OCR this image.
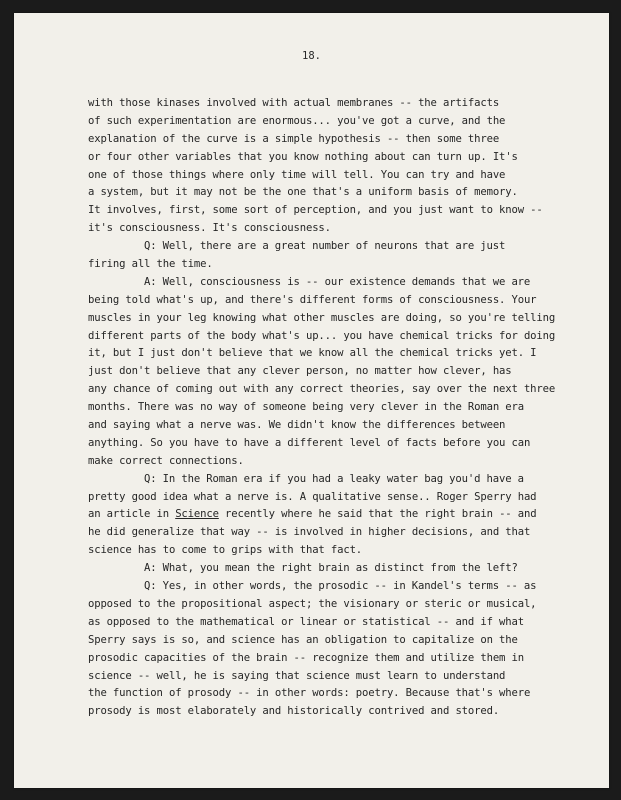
18.
with those kinases involved with actual membranes -- the artifacts
of such experimentation are enormous... you've got a curve, and the
explanation of the curve is a simple hypothesis -- then some three
or four other variables that you know nothing about can turn up. It's
one of those things where only time will tell. You can try and have
a system, but it may not be the one that's a uniform basis of memory.
It involves, first, some sort of perception, and you just want to know --
it's consciousness. It's consciousness.
Q: Well, there are a great number of neurons that are just
firing all the time.
A: Well, consciousness is -- our existence demands that we are
being told what's up, and there's different forms of consciousness. Your
muscles in your leg knowing what other muscles are doing, so you're telling
different parts of the body what's up... you have chemical tricks for doing
it, but I just don't believe that we know all the chemical tricks yet. I
just don't believe that any clever person, no matter how clever, has
any chance of coming out with any correct theories, say over the next three
months. There was no way of someone being very clever in the Roman era
and saying what a nerve was. We didn't know the differences between
anything. So you have to have a different level of facts before you can
make correct connections.
Q: In the Roman era if you had a leaky water bag you'd have a
pretty good idea what a nerve is. A qualitative sense.. Roger Sperry had
an article in Science recently where he said that the right brain -- and
he did generalize that way -- is involved in higher decisions, and that
science has to come to grips with that fact.
A: What, you mean the right brain as distinct from the left?
Q: Yes, in other words, the prosodic -- in Kandel's terms -- as
opposed to the propositional aspect; the visionary or steric or musical,
as opposed to the mathematical or linear or statistical -- and if what
Sperry says is so, and science has an obligation to capitalize on the
prosodic capacities of the brain -- recognize them and utilize them in
science -- well, he is saying that science must learn to understand
the function of prosody -- in other words: poetry. Because that's where
prosody is most elaborately and historically contrived and stored.
